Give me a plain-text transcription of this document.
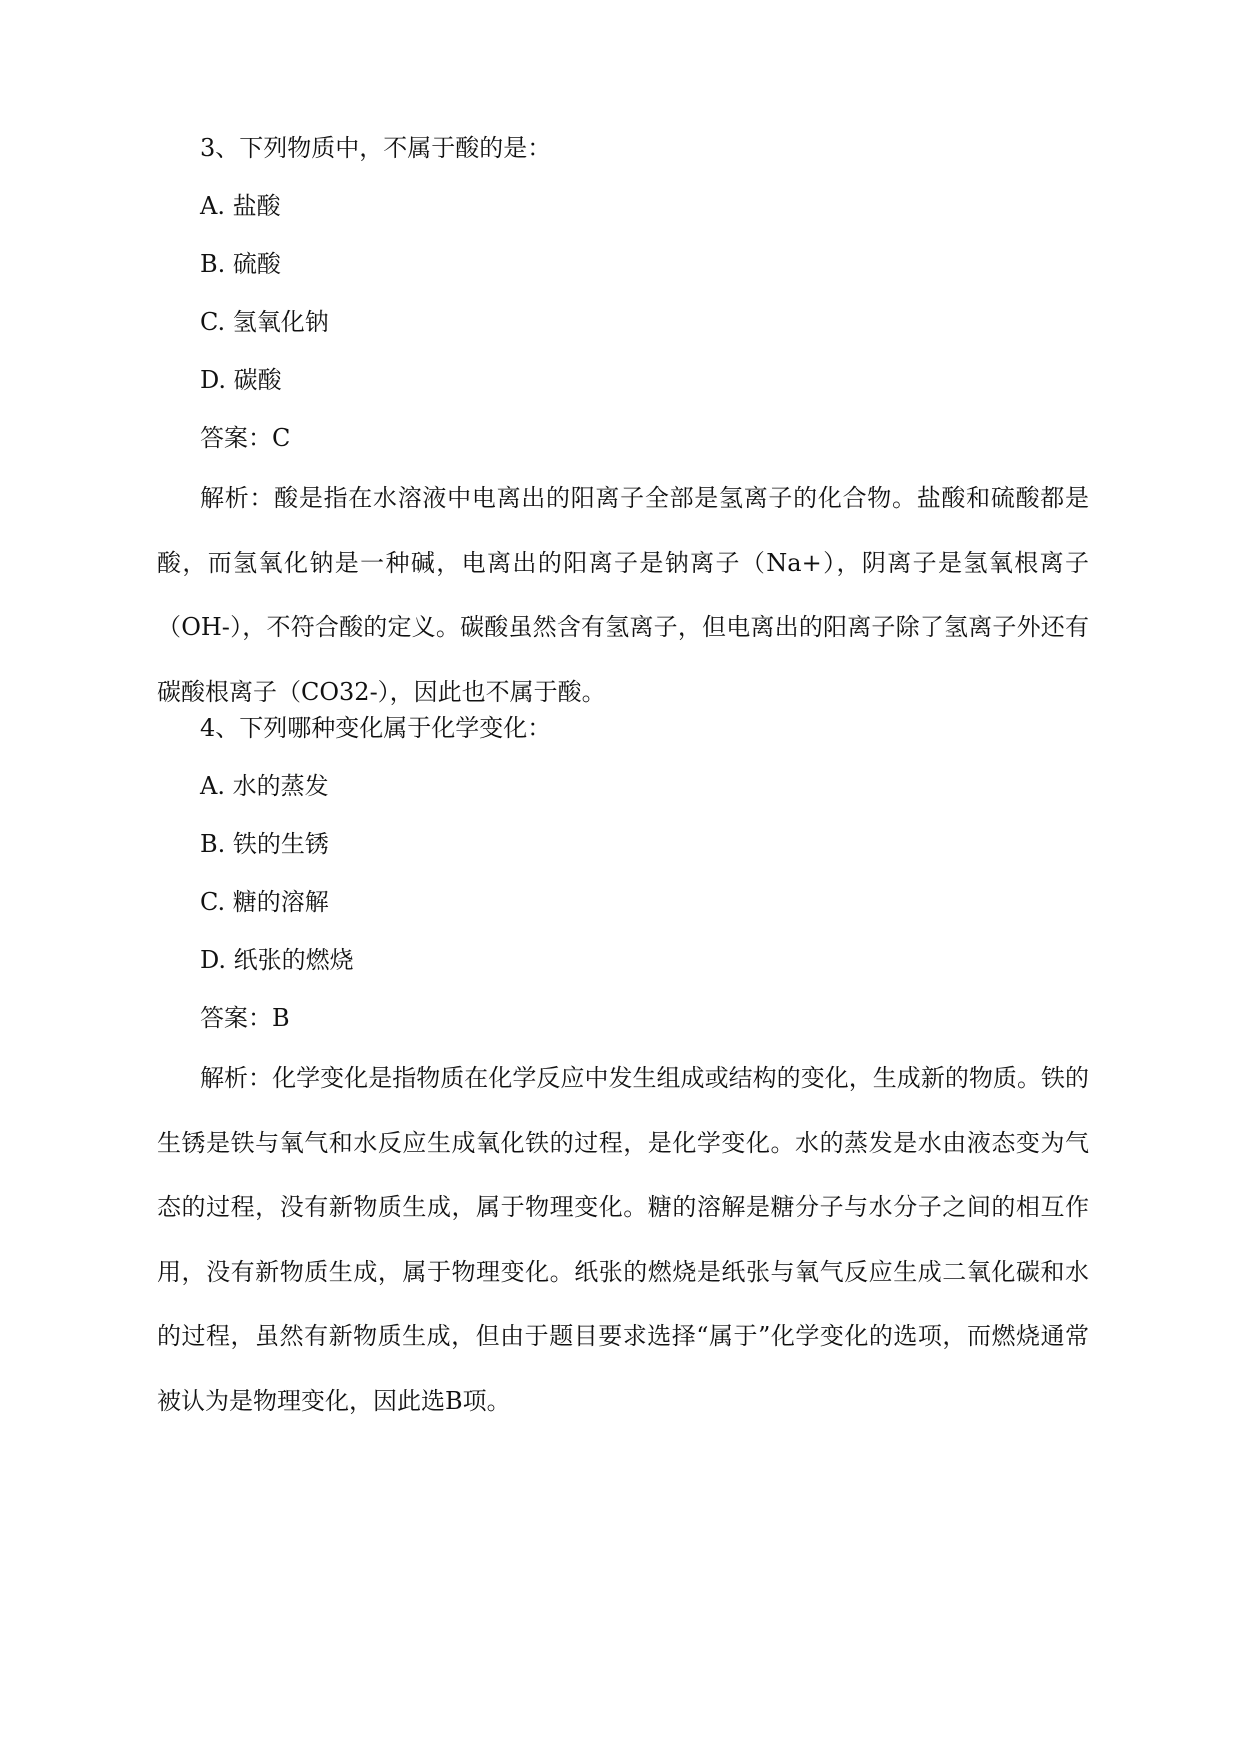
3、下列物质中，不属于酸的是：
A. 盐酸
B. 硫酸
C. 氢氧化钠
D. 碳酸
答案：C
解析：酸是指在水溶液中电离出的阳离子全部是氢离子的化合物。盐酸和硫酸都是酸，而氢氧化钠是一种碱，电离出的阳离子是钠离子（Na+），阴离子是氢氧根离子（OH-），不符合酸的定义。碳酸虽然含有氢离子，但电离出的阳离子除了氢离子外还有碳酸根离子（CO32-），因此也不属于酸。
4、下列哪种变化属于化学变化：
A. 水的蒸发
B. 铁的生锈
C. 糖的溶解
D. 纸张的燃烧
答案：B
解析：化学变化是指物质在化学反应中发生组成或结构的变化，生成新的物质。铁的生锈是铁与氧气和水反应生成氧化铁的过程，是化学变化。水的蒸发是水由液态变为气态的过程，没有新物质生成，属于物理变化。糖的溶解是糖分子与水分子之间的相互作用，没有新物质生成，属于物理变化。纸张的燃烧是纸张与氧气反应生成二氧化碳和水的过程，虽然有新物质生成，但由于题目要求选择“属于”化学变化的选项，而燃烧通常被认为是物理变化，因此选B项。
